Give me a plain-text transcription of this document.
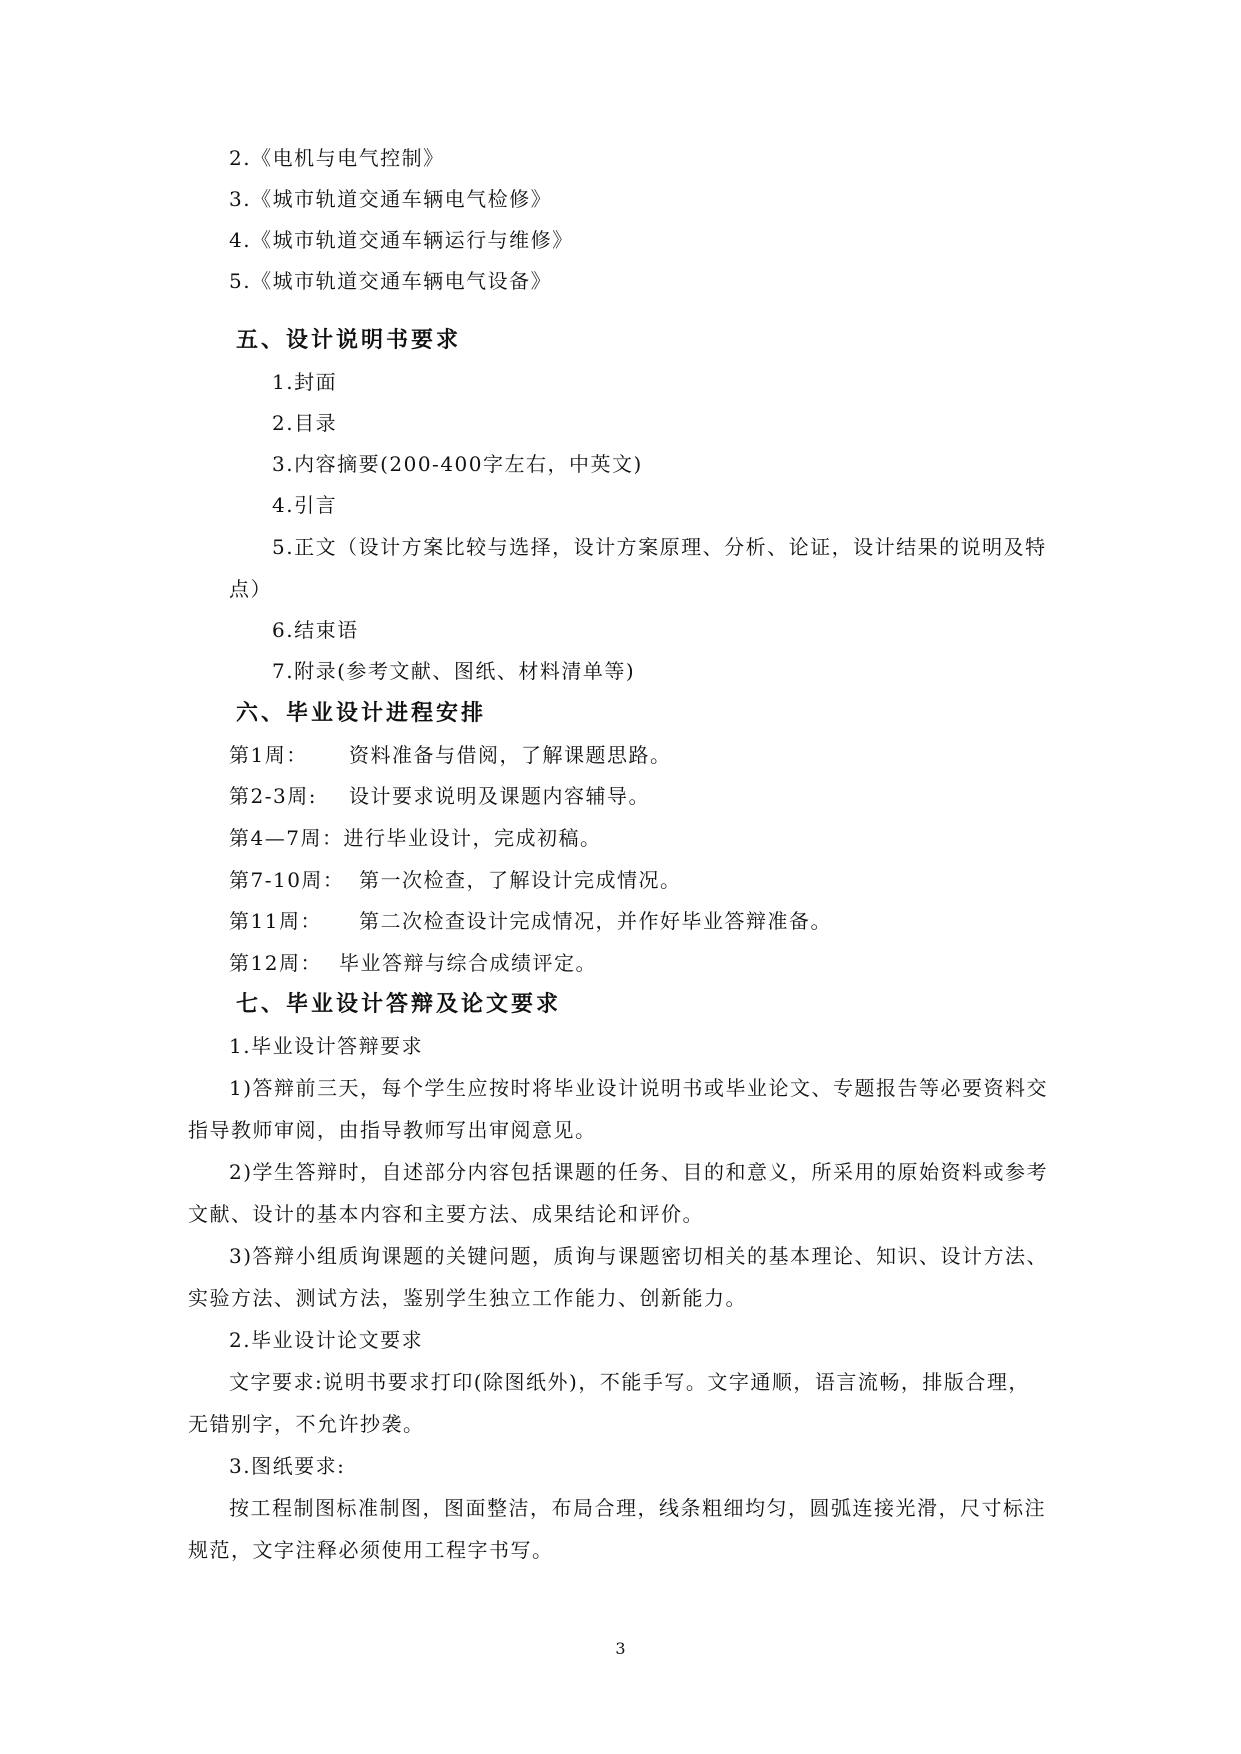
2.《电机与电气控制》

3.《城市轨道交通车辆电气检修》

4.《城市轨道交通车辆运行与维修》

5.《城市轨道交通车辆电气设备》

五、设计说明书要求

1.封面

2.目录

3.内容摘要(200-400字左右，中英文)

4.引言

5.正文（设计方案比较与选择，设计方案原理、分析、论证，设计结果的说明及特

点）

6.结束语

7.附录(参考文献、图纸、材料清单等)

六、毕业设计进程安排

第1周： 资料准备与借阅，了解课题思路。

第2-3周: 设计要求说明及课题内容辅导。

第4—7周：进行毕业设计，完成初稿。

第7-10周： 第一次检查，了解设计完成情况。

第11周： 第二次检查设计完成情况，并作好毕业答辩准备。

第12周： 毕业答辩与综合成绩评定。

七、毕业设计答辩及论文要求

1.毕业设计答辩要求

1)答辩前三天，每个学生应按时将毕业设计说明书或毕业论文、专题报告等必要资料交

指导教师审阅，由指导教师写出审阅意见。

2)学生答辩时，自述部分内容包括课题的任务、目的和意义，所采用的原始资料或参考

文献、设计的基本内容和主要方法、成果结论和评价。

3)答辩小组质询课题的关键问题，质询与课题密切相关的基本理论、知识、设计方法、

实验方法、测试方法，鉴别学生独立工作能力、创新能力。

2.毕业设计论文要求

文字要求:说明书要求打印(除图纸外)，不能手写。文字通顺，语言流畅，排版合理，

无错别字，不允许抄袭。

3.图纸要求:

按工程制图标准制图，图面整洁，布局合理，线条粗细均匀，圆弧连接光滑，尺寸标注

规范，文字注释必须使用工程字书写。

3
